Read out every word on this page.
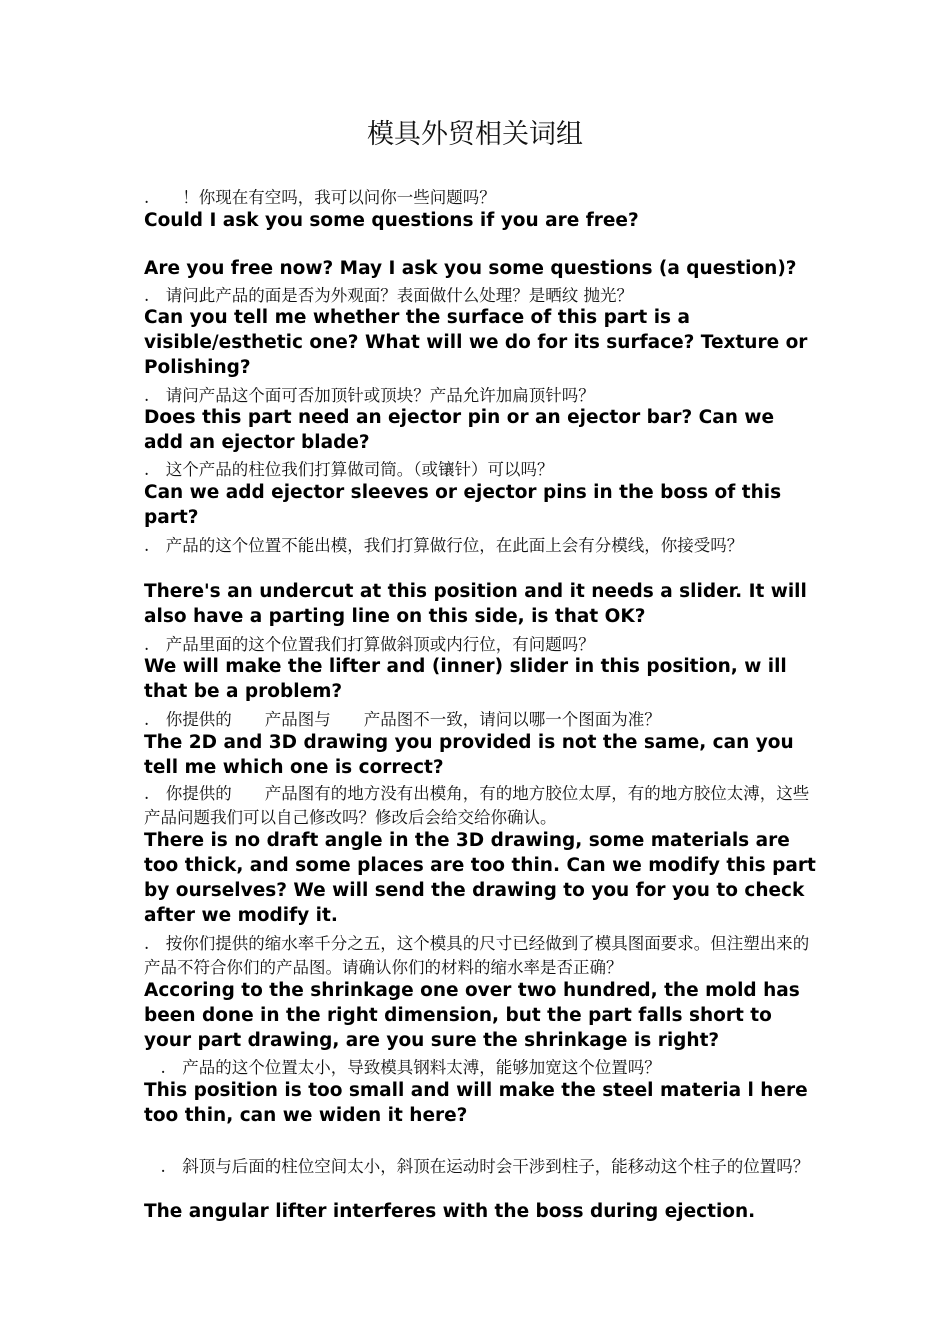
模具外贸相关词组
.　　！你现在有空吗，我可以问你一些问题吗？
Could I ask you some questions if you are free?
Are you free now? May I ask you some questions (a question)?
.　请问此产品的面是否为外观面？表面做什么处理？是晒纹 抛光？
Can you tell me whether the surface of this part is a visible/esthetic one? What will we do for its surface? Texture or Polishing?
.　请问产品这个面可否加顶针或顶块？产品允许加扁顶针吗？
Does this part need an ejector pin or an ejector bar? Can we add an ejector blade?
.　这个产品的柱位我们打算做司筒。（或镶针）可以吗？
Can we add ejector sleeves or ejector pins in the boss of this part?
.　产品的这个位置不能出模，我们打算做行位，在此面上会有分模线，你接受吗？
There's an undercut at this position and it needs a slider. It will also have a parting line on this side, is that OK?
.　产品里面的这个位置我们打算做斜顶或内行位，有问题吗？
We will make the lifter and (inner) slider in this position, w ill that be a problem?
.　你提供的　　产品图与　　产品图不一致，请问以哪一个图面为准？
The 2D and 3D drawing you provided is not the same, can you tell me which one is correct?
.　你提供的　　产品图有的地方没有出模角，有的地方胶位太厚，有的地方胶位太溥，这些产品问题我们可以自己修改吗？修改后会给交给你确认。
There is no draft angle in the 3D drawing, some materials are too thick, and some places are too thin. Can we modify this part by ourselves? We will send the drawing to you for you to check after we modify it.
.　按你们提供的缩水率千分之五，这个模具的尺寸已经做到了模具图面要求。但注塑出来的产品不符合你们的产品图。请确认你们的材料的缩水率是否正确？
Accoring to the shrinkage one over two hundred, the mold has been done in the right dimension, but the part falls short to your part drawing, are you sure the shrinkage is right?
　.　产品的这个位置太小，导致模具钢料太溥，能够加宽这个位置吗？
This position is too small and will make the steel materia l here too thin, can we widen it here?
　.　斜顶与后面的柱位空间太小，斜顶在运动时会干涉到柱子，能移动这个柱子的位置吗？
The angular lifter interferes with the boss during ejection.
